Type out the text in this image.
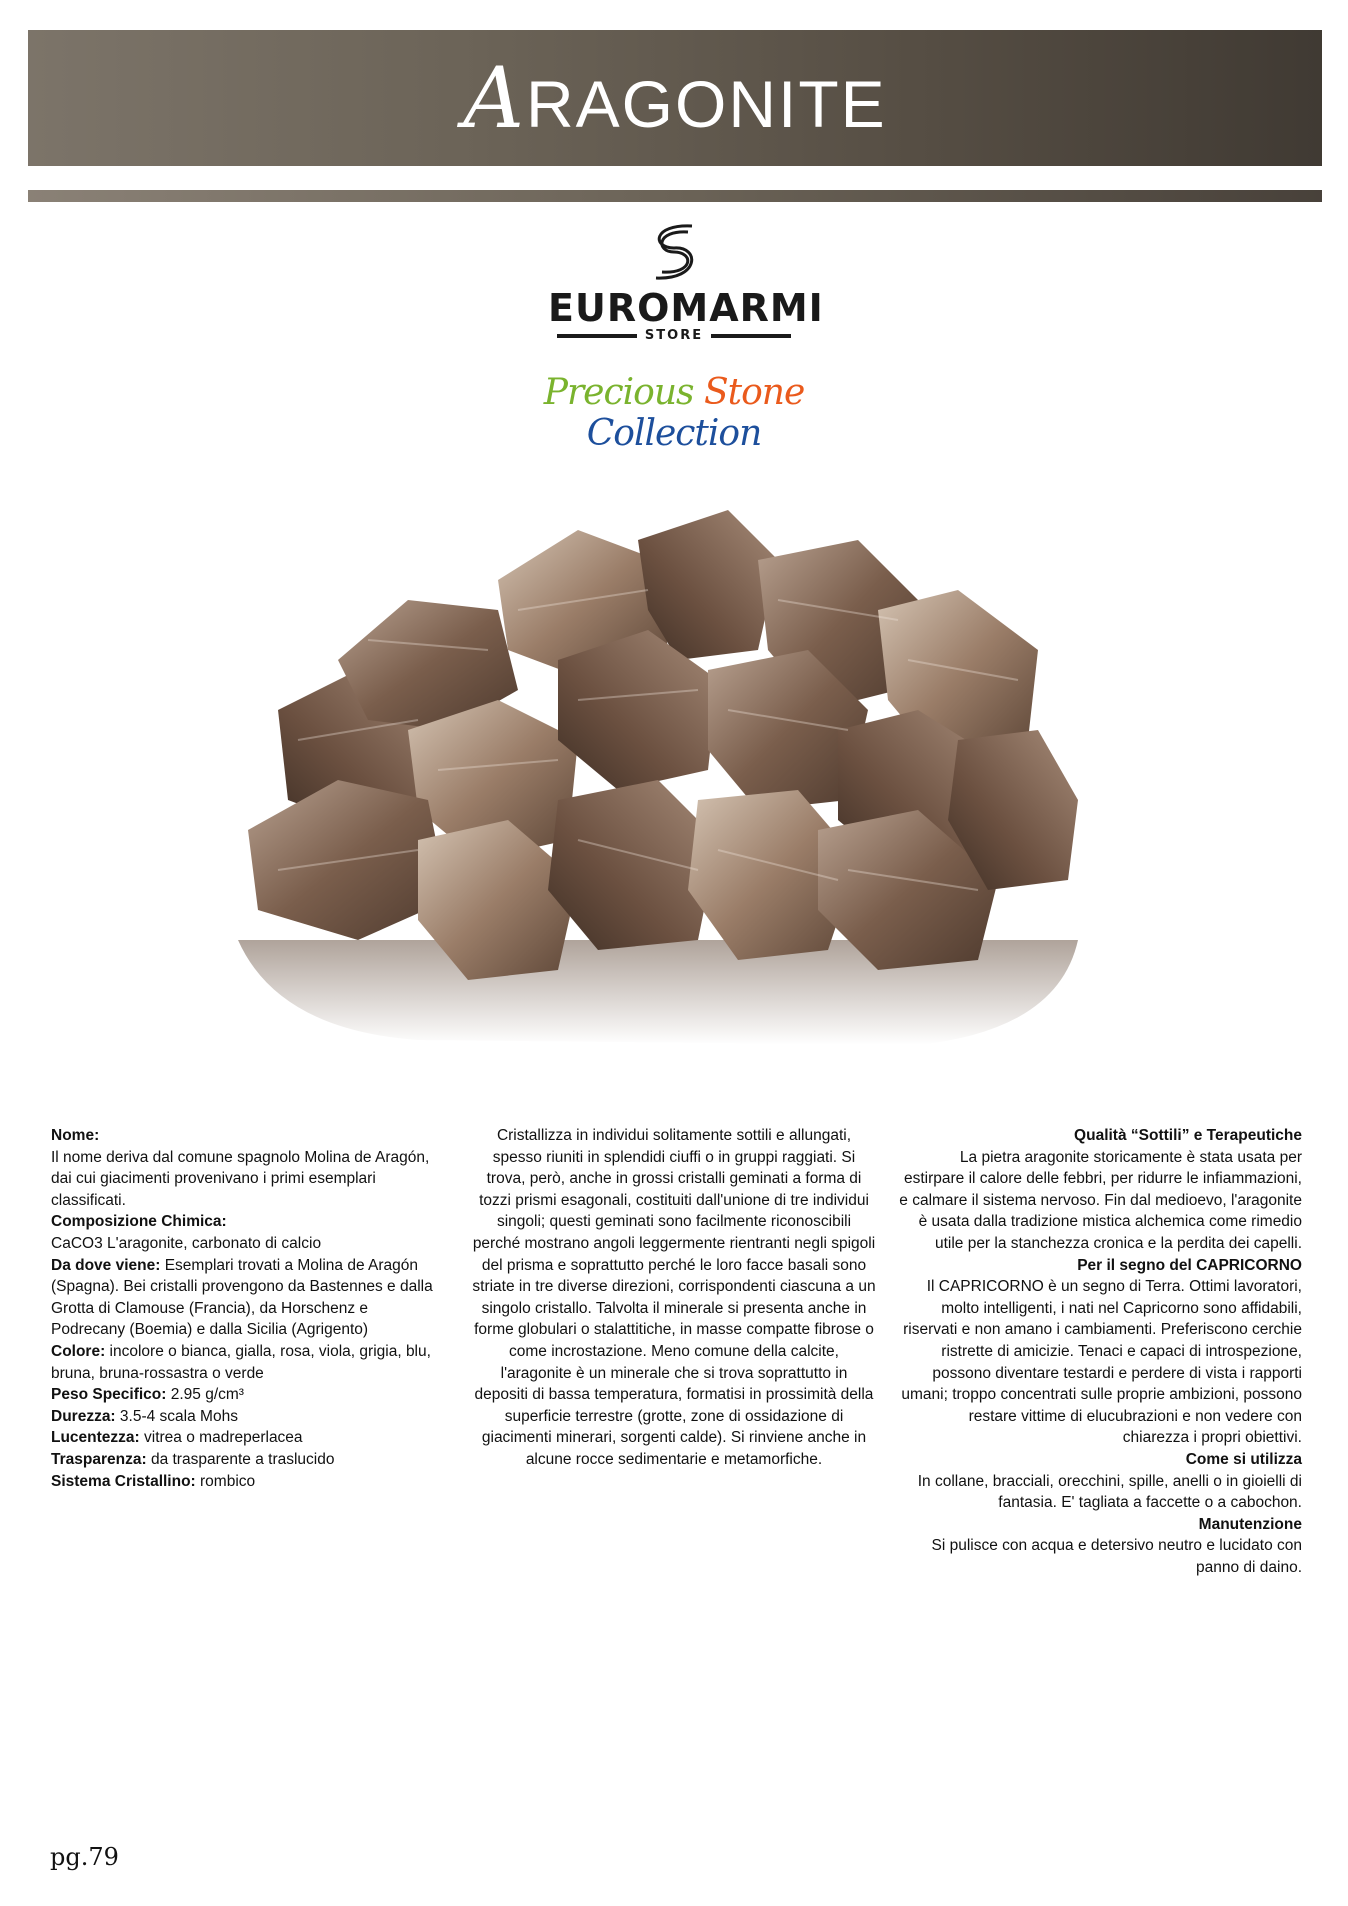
ARAGONITE
EUROMARMI
STORE
Precious Stone Collection

Nome:

Il nome deriva dal comune spagnolo Molina de Aragón, dai cui giacimenti provenivano i primi esemplari classificati.

Composizione Chimica:

CaCO3 L'aragonite, carbonato di calcio

Da dove viene: Esemplari trovati a Molina de Aragón (Spagna). Bei cristalli provengono da Bastennes e dalla Grotta di Clamouse (Francia), da Horschenz e Podrecany (Boemia) e dalla Sicilia (Agrigento)

Colore: incolore o bianca, gialla, rosa, viola, grigia, blu, bruna, bruna-rossastra o verde

Peso Specifico: 2.95 g/cm³

Durezza: 3.5-4 scala Mohs

Lucentezza: vitrea o madreperlacea

Trasparenza: da trasparente a traslucido

Sistema Cristallino: rombico

Cristallizza in individui solitamente sottili e allungati, spesso riuniti in splendidi ciuffi o in gruppi raggiati. Si trova, però, anche in grossi cristalli geminati a forma di tozzi prismi esagonali, costituiti dall'unione di tre individui singoli; questi geminati sono facilmente riconoscibili perché mostrano angoli leggermente rientranti negli spigoli del prisma e soprattutto perché le loro facce basali sono striate in tre diverse direzioni, corrispondenti ciascuna a un singolo cristallo. Talvolta il minerale si presenta anche in forme globulari o stalattitiche, in masse compatte fibrose o come incrostazione. Meno comune della calcite, l'aragonite è un minerale che si trova soprattutto in depositi di bassa temperatura, formatisi in prossimità della superficie terrestre (grotte, zone di ossidazione di giacimenti minerari, sorgenti calde). Si rinviene anche in alcune rocce sedimentarie e metamorfiche.

Qualità “Sottili” e Terapeutiche

La pietra aragonite storicamente è stata usata per estirpare il calore delle febbri, per ridurre le infiammazioni, e calmare il sistema nervoso. Fin dal medioevo, l'aragonite è usata dalla tradizione mistica alchemica come rimedio utile per la stanchezza cronica e la perdita dei capelli.

Per il segno del CAPRICORNO

Il CAPRICORNO è un segno di Terra. Ottimi lavoratori, molto intelligenti, i nati nel Capricorno sono affidabili, riservati e non amano i cambiamenti. Preferiscono cerchie ristrette di amicizie. Tenaci e capaci di introspezione, possono diventare testardi e perdere di vista i rapporti umani; troppo concentrati sulle proprie ambizioni, possono restare vittime di elucubrazioni e non vedere con chiarezza i propri obiettivi.

Come si utilizza

In collane, bracciali, orecchini, spille, anelli o in gioielli di fantasia. E' tagliata a faccette o a cabochon.

Manutenzione

Si pulisce con acqua e detersivo neutro e lucidato con panno di daino.

pg.79
